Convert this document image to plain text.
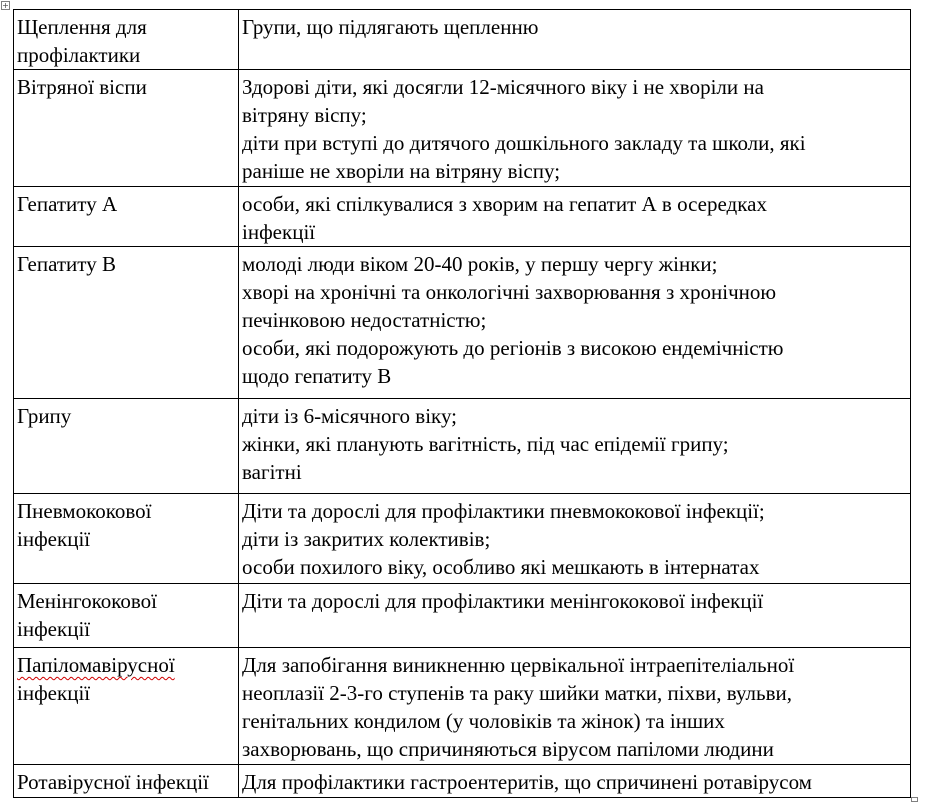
+
Щеплення для
профілактики	Групи, що підлягають щепленню

Вітряної віспи	Здорові діти, які досягли 12-місячного віку і не хворіли на
вітряну віспу;
діти при вступі до дитячого дошкільного закладу та школи, які
раніше не хворіли на вітряну віспу;

Гепатиту А	особи, які спілкувалися з хворим на гепатит А в осередках
інфекції

Гепатиту В	молоді люди віком 20-40 років, у першу чергу жінки;
хворі на хронічні та онкологічні захворювання з хронічною
печінковою недостатністю;
особи, які подорожують до регіонів з високою ендемічністю
щодо гепатиту В

Грипу	діти із 6-місячного віку;
жінки, які планують вагітність, під час епідемії грипу;
вагітні

Пневмококової
інфекції	Діти та дорослі для профілактики пневмококової інфекції;
діти із закритих колективів;
особи похилого віку, особливо які мешкають в інтернатах

Менінгококової
інфекції	Діти та дорослі для профілактики менінгококової інфекції

Папіломавірусної
інфекції	Для запобігання виникненню цервікальної інтраепітеліальної
неоплазії 2-3-го ступенів та раку шийки матки, піхви, вульви,
генітальних кондилом (у чоловіків та жінок) та інших
захворювань, що спричиняються вірусом папіломи людини

Ротавірусної інфекції	Для профілактики гастроентеритів, що спричинені ротавірусом
